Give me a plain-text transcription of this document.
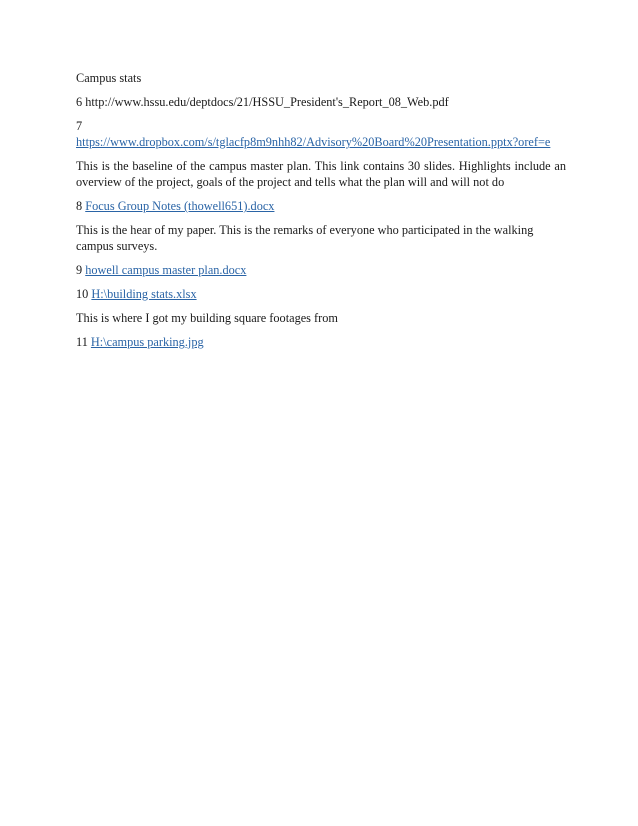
Campus stats

6 http://www.hssu.edu/deptdocs/21/HSSU_President's_Report_08_Web.pdf

7
https://www.dropbox.com/s/tglacfp8m9nhh82/Advisory%20Board%20Presentation.pptx?oref=e

This is the baseline of the campus master plan. This link contains 30 slides. Highlights include an overview of the project, goals of the project and tells what the plan will and will not do

8 Focus Group Notes (thowell651).docx

This is the hear of my paper. This is the remarks of everyone who participated in the walking campus surveys.

9 howell campus master plan.docx

10 H:\building stats.xlsx

This is where I got my building square footages from

11 H:\campus parking.jpg
